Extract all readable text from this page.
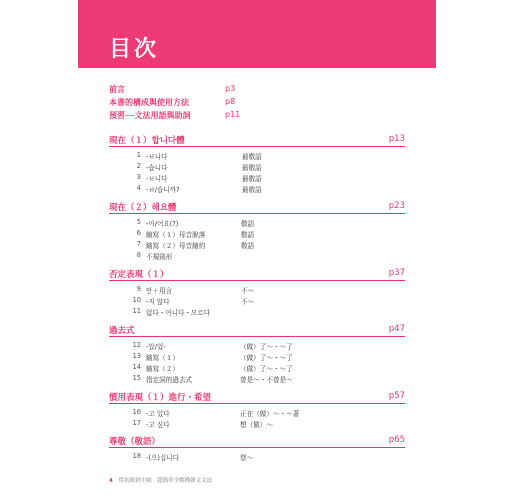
目次
前言	p3
本書的構成與使用方法	p8
預習──文法用語與助詞	p11
現在（１）합니다體	p13
1 -ㅂ니다	最敬語
2 -습니다	最敬語
3 -ㅂ니다	最敬語
4 -ㅂ/습니까?	最敬語
現在（２）해요體	p23
5 -아/어요(?)	敬語
6 縮寫（１）母音脫落	敬語
7 縮寫（２）母音縮約	敬語
8 不規則形
否定表現（１）	p37
9 안＋用言	不～
10 -지 않다	不～
11 없다・아니다・모르다
過去式	p47
12 -았/었-	（做）了～・～了
13 縮寫（１）	（做）了～・～了
14 縮寫（２）	（做）了～・～了
15 指定詞的過去式	曾是～・不曾是～
慣用表現（１）進行・希望	p57
16 -고 있다	正在（做）～・～著
17 -고 싶다	想（做）～
尊敬（敬語）	p65
18 -(으)십니다	您～
4 從初級到中級　超簡單全解構韓文文法
